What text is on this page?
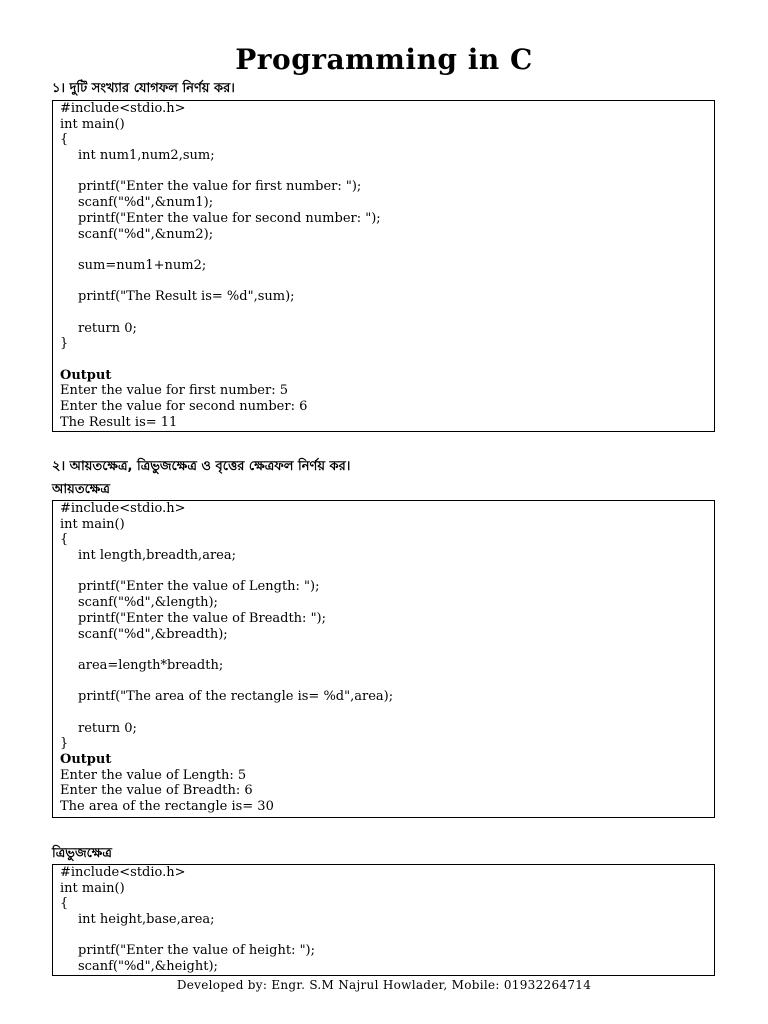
Programming in C
১। দুটি সংখ্যার যোগফল নির্ণয় কর।
#include<stdio.h>
int main()
{
int num1,num2,sum;
printf("Enter the value for first number: ");
scanf("%d",&num1);
printf("Enter the value for second number: ");
scanf("%d",&num2);
sum=num1+num2;
printf("The Result is= %d",sum);
return 0;
}
Output
Enter the value for first number: 5
Enter the value for second number: 6
The Result is= 11
২। আয়তক্ষেত্র, ত্রিভুজক্ষেত্র ও বৃত্তের ক্ষেত্রফল নির্ণয় কর।
আয়তক্ষেত্র
#include<stdio.h>
int main()
{
int length,breadth,area;
printf("Enter the value of Length: ");
scanf("%d",&length);
printf("Enter the value of Breadth: ");
scanf("%d",&breadth);
area=length*breadth;
printf("The area of the rectangle is= %d",area);
return 0;
}
Output
Enter the value of Length: 5
Enter the value of Breadth: 6
The area of the rectangle is= 30
ত্রিভুজক্ষেত্র
#include<stdio.h>
int main()
{
int height,base,area;
printf("Enter the value of height: ");
scanf("%d",&height);
Developed by: Engr. S.M Najrul Howlader, Mobile: 01932264714
